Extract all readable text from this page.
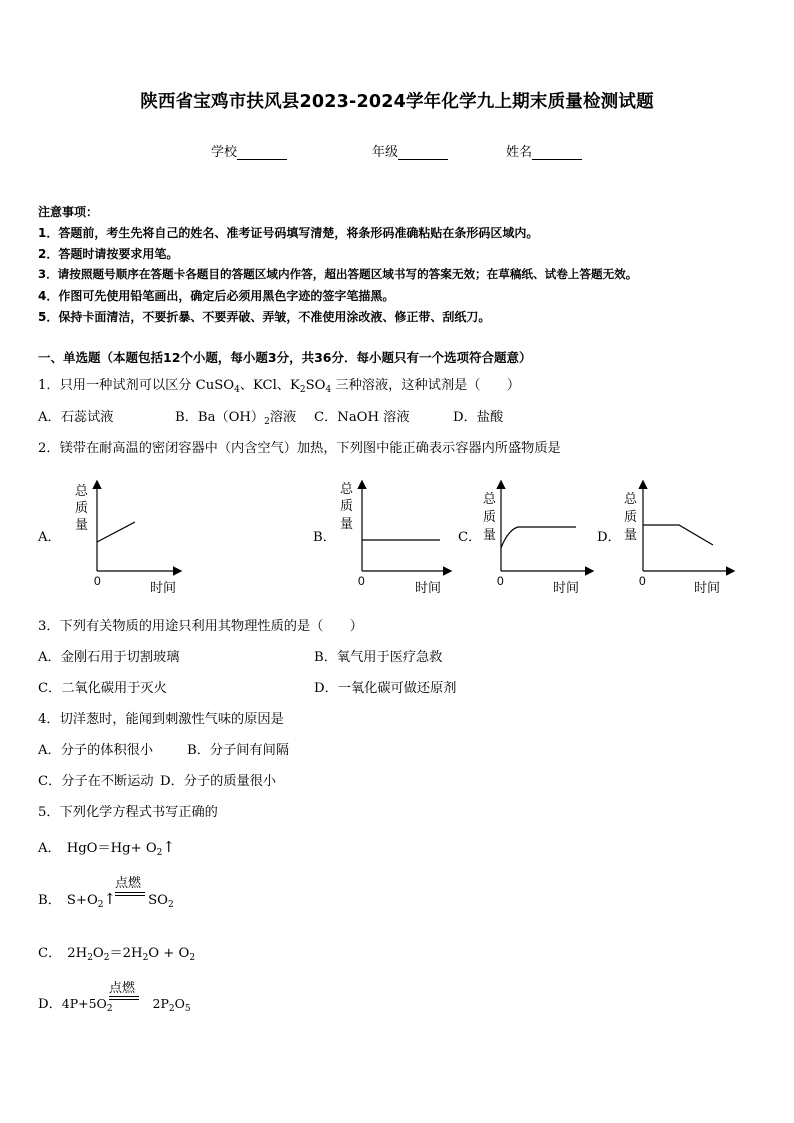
陕西省宝鸡市扶风县2023-2024学年化学九上期末质量检测试题
学校	年级	姓名
注意事项：
1．答题前，考生先将自己的姓名、准考证号码填写清楚，将条形码准确粘贴在条形码区域内。
2．答题时请按要求用笔。
3．请按照题号顺序在答题卡各题目的答题区域内作答，超出答题区域书写的答案无效；在草稿纸、试卷上答题无效。
4．作图可先使用铅笔画出，确定后必须用黑色字迹的签字笔描黑。
5．保持卡面清洁，不要折暴、不要弄破、弄皱，不准使用涂改液、修正带、刮纸刀。
一、单选题（本题包括12个小题，每小题3分，共36分．每小题只有一个选项符合题意）
1．只用一种试剂可以区分 CuSO$_4$、KCl、$K_2SO_4$ 三种溶液，这种试剂是（　　）
A．石蕊试液	B．$Ba(OH)_2$溶液 C．NaOH 溶液	D．盐酸
2．镁带在耐高温的密闭容器中（内含空气）加热，下列图中能正确表示容器内所盛物质是
A．
总
质
量
0	时间
B．
总
质
量
0	时间
C．
总
质
量
0	时间
D．
总
质
量
0	时间
3．下列有关物质的用途只利用其物理性质的是（　　）
A．金刚石用于切割玻璃	B．氧气用于医疗急救
C．二氧化碳用于灭火	D．一氧化碳可做还原剂
4．切洋葱时，能闻到刺激性气味的原因是
A．分子的体积很小	B．分子间有间隔
C．分子在不断运动 D．分子的质量很小
5．下列化学方程式书写正确的
A． $HgO=Hg+ O_2↑$
B． $S+O_2↑$ $SO_2$
点燃
C． $2H_2O_2=2H_2O + O_2$
D．$4P+5O_2$	$2P_2O_5$
点燃
